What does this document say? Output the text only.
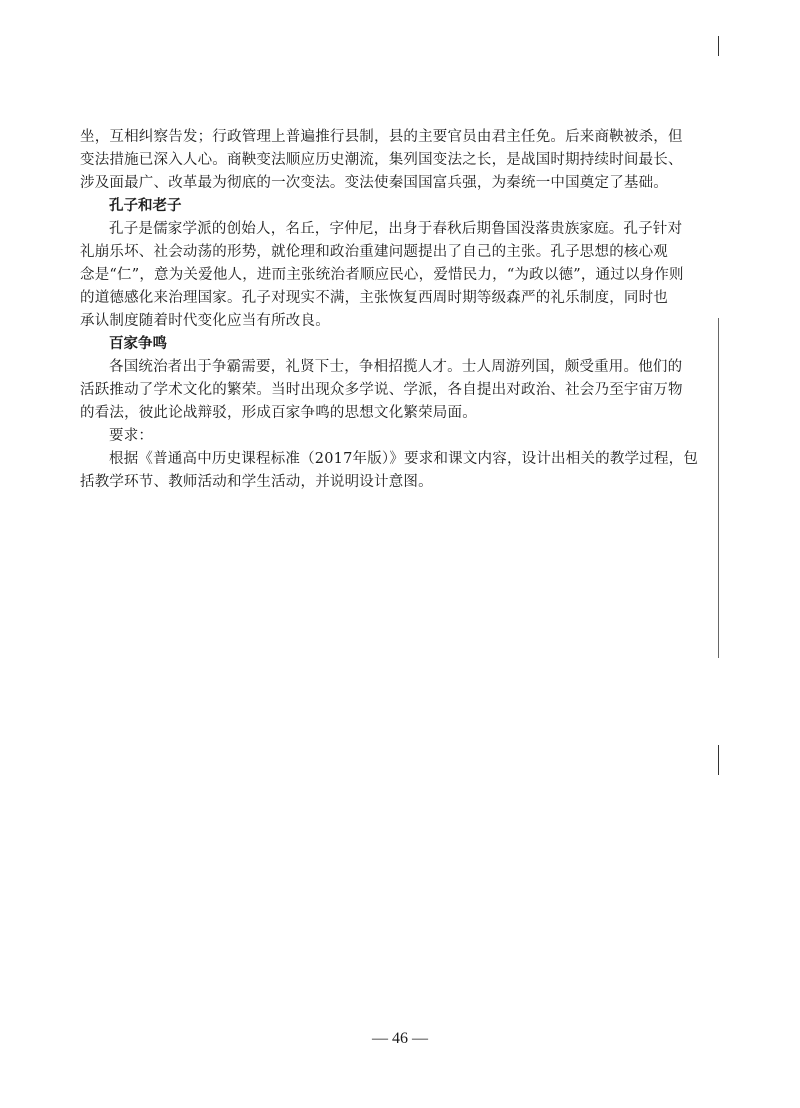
坐，互相纠察告发；行政管理上普遍推行县制，县的主要官员由君主任免。后来商鞅被杀，但

变法措施已深入人心。商鞅变法顺应历史潮流，集列国变法之长，是战国时期持续时间最长、

涉及面最广、改革最为彻底的一次变法。变法使秦国国富兵强，为秦统一中国奠定了基础。

孔子和老子

孔子是儒家学派的创始人，名丘，字仲尼，出身于春秋后期鲁国没落贵族家庭。孔子针对

礼崩乐坏、社会动荡的形势，就伦理和政治重建问题提出了自己的主张。孔子思想的核心观

念是“仁”，意为关爱他人，进而主张统治者顺应民心，爱惜民力，“为政以德”，通过以身作则

的道德感化来治理国家。孔子对现实不满，主张恢复西周时期等级森严的礼乐制度，同时也

承认制度随着时代变化应当有所改良。

百家争鸣

各国统治者出于争霸需要，礼贤下士，争相招揽人才。士人周游列国，颇受重用。他们的

活跃推动了学术文化的繁荣。当时出现众多学说、学派，各自提出对政治、社会乃至宇宙万物

的看法，彼此论战辩驳，形成百家争鸣的思想文化繁荣局面。

要求：

根据《普通高中历史课程标准（2017年版）》要求和课文内容，设计出相关的教学过程，包

括教学环节、教师活动和学生活动，并说明设计意图。

— 46 —
